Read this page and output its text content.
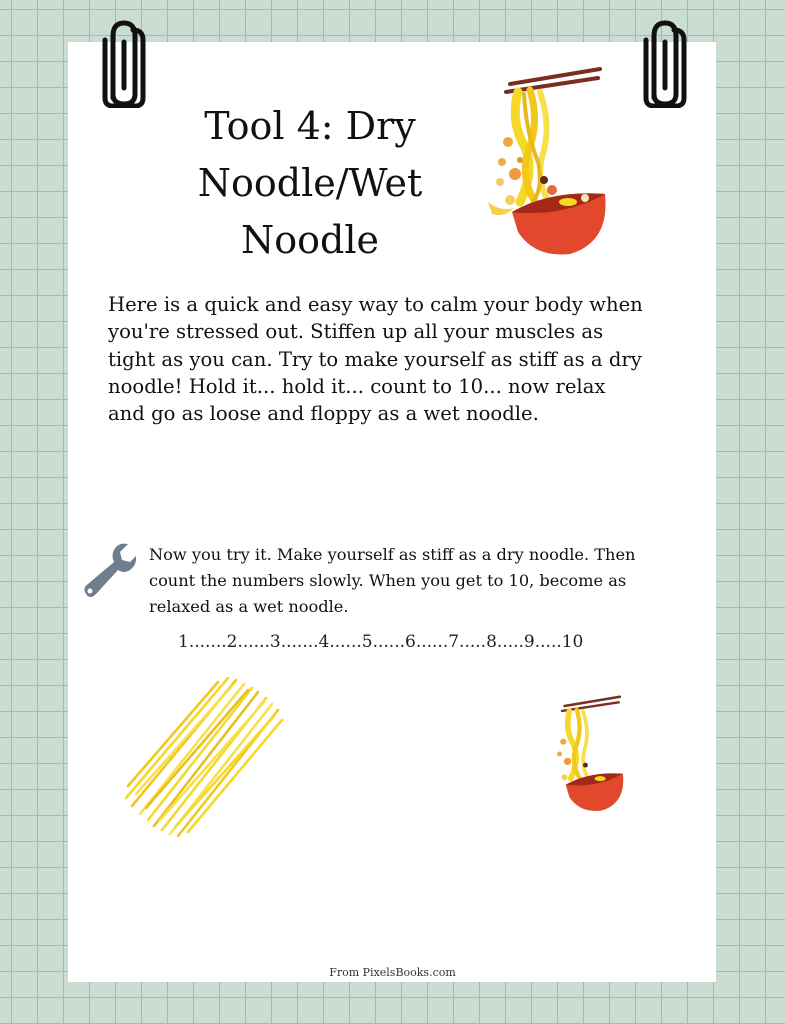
Tool 4: Dry
Noodle/Wet
Noodle

Here is a quick and easy way to calm your body when you're stressed out. Stiffen up all your muscles as tight as you can. Try to make yourself as stiff as a dry noodle! Hold it... hold it... count to 10... now relax and go as loose and floppy as a wet noodle.

Now you try it. Make yourself as stiff as a dry noodle. Then count the numbers slowly. When you get to 10, become as relaxed as a wet noodle.

1.......2......3.......4......5......6......7.....8.....9.....10
From PixelsBooks.com
